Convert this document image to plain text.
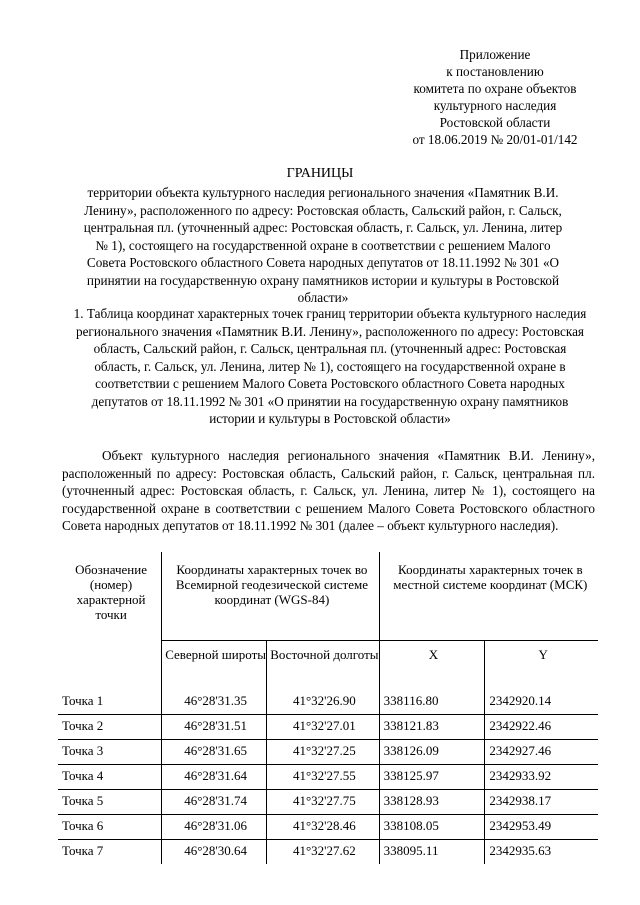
Приложение
к постановлению
комитета по охране объектов
культурного наследия
Ростовской области
от 18.06.2019 № 20/01-01/142
ГРАНИЦЫ
территории объекта культурного наследия регионального значения «Памятник В.И. Ленину», расположенного по адресу: Ростовская область, Сальский район, г. Сальск, центральная пл. (уточненный адрес: Ростовская область, г. Сальск, ул. Ленина, литер № 1), состоящего на государственной охране в соответствии с решением Малого Совета Ростовского областного Совета народных депутатов от 18.11.1992 № 301 «О принятии на государственную охрану памятников истории и культуры в Ростовской области»
1. Таблица координат характерных точек границ территории объекта культурного наследия регионального значения «Памятник В.И. Ленину», расположенного по адресу: Ростовская область, Сальский район, г. Сальск, центральная пл. (уточненный адрес: Ростовская область, г. Сальск, ул. Ленина, литер № 1), состоящего на государственной охране в соответствии с решением Малого Совета Ростовского областного Совета народных депутатов от 18.11.1992 № 301 «О принятии на государственную охрану памятников истории и культуры в Ростовской области»
Объект культурного наследия регионального значения «Памятник В.И. Ленину», расположенный по адресу: Ростовская область, Сальский район, г. Сальск, центральная пл. (уточненный адрес: Ростовская область, г. Сальск, ул. Ленина, литер № 1), состоящего на государственной охране в соответствии с решением Малого Совета Ростовского областного Совета народных депутатов от 18.11.1992 № 301 (далее – объект культурного наследия).
Обозначение (номер) характерной точки	Координаты характерных точек во Всемирной геодезической системе координат (WGS-84)		Координаты характерных точек в местной системе координат (МСК)	
	Северной широты	Восточной долготы	X	Y
Точка 1	46°28'31.35	41°32'26.90	338116.80	2342920.14
Точка 2	46°28'31.51	41°32'27.01	338121.83	2342922.46
Точка 3	46°28'31.65	41°32'27.25	338126.09	2342927.46
Точка 4	46°28'31.64	41°32'27.55	338125.97	2342933.92
Точка 5	46°28'31.74	41°32'27.75	338128.93	2342938.17
Точка 6	46°28'31.06	41°32'28.46	338108.05	2342953.49
Точка 7	46°28'30.64	41°32'27.62	338095.11	2342935.63
